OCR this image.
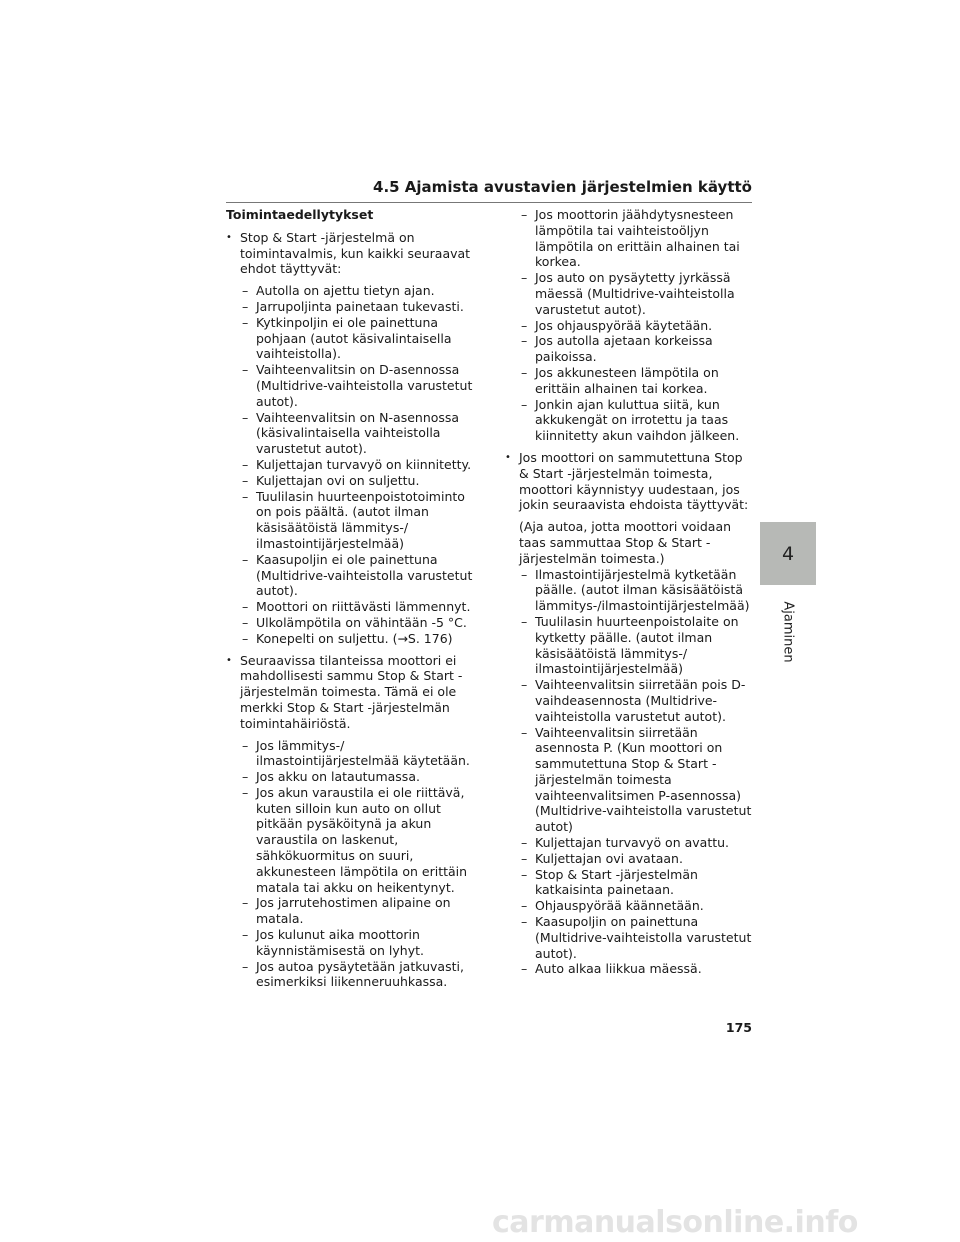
4.5 Ajamista avustavien järjestelmien käyttö
Toimintaedellytykset
• Stop & Start -järjestelmä on toimintavalmis, kun kaikki seuraavat ehdot täyttyvät:
– Autolla on ajettu tietyn ajan.
– Jarrupoljinta painetaan tukevasti.
– Kytkinpoljin ei ole painettuna pohjaan (autot käsivalintaisella vaihteistolla).
– Vaihteenvalitsin on D-asennossa (Multidrive-vaihteistolla varustetut autot).
– Vaihteenvalitsin on N-asennossa (käsivalintaisella vaihteistolla varustetut autot).
– Kuljettajan turvavyö on kiinnitetty.
– Kuljettajan ovi on suljettu.
– Tuulilasin huurteenpoistotoiminto on pois päältä. (autot ilman käsisäätöistä lämmitys-/ ilmastointijärjestelmää)
– Kaasupoljin ei ole painettuna (Multidrive-vaihteistolla varustetut autot).
– Moottori on riittävästi lämmennyt.
– Ulkolämpötila on vähintään -5 °C.
– Konepelti on suljettu. (→S. 176)
• Seuraavissa tilanteissa moottori ei mahdollisesti sammu Stop & Start -järjestelmän toimesta. Tämä ei ole merkki Stop & Start -järjestelmän toimintahäiriöstä.
– Jos lämmitys-/ ilmastointijärjestelmää käytetään.
– Jos akku on latautumassa.
– Jos akun varaustila ei ole riittävä, kuten silloin kun auto on ollut pitkään pysäköitynä ja akun varaustila on laskenut, sähkökuormitus on suuri, akkunesteen lämpötila on erittäin matala tai akku on heikentynyt.
– Jos jarrutehostimen alipaine on matala.
– Jos kulunut aika moottorin käynnistämisestä on lyhyt.
– Jos autoa pysäytetään jatkuvasti, esimerkiksi liikenneruuhkassa.
– Jos moottorin jäähdytysnesteen lämpötila tai vaihteistoöljyn lämpötila on erittäin alhainen tai korkea.
– Jos auto on pysäytetty jyrkässä mäessä (Multidrive-vaihteistolla varustetut autot).
– Jos ohjauspyörää käytetään.
– Jos autolla ajetaan korkeissa paikoissa.
– Jos akkunesteen lämpötila on erittäin alhainen tai korkea.
– Jonkin ajan kuluttua siitä, kun akkukengät on irrotettu ja taas kiinnitetty akun vaihdon jälkeen.
• Jos moottori on sammutettuna Stop & Start -järjestelmän toimesta, moottori käynnistyy uudestaan, jos jokin seuraavista ehdoista täyttyvät:
(Aja autoa, jotta moottori voidaan taas sammuttaa Stop & Start -järjestelmän toimesta.)
– Ilmastointijärjestelmä kytketään päälle. (autot ilman käsisäätöistä lämmitys-/ilmastointijärjestelmää)
– Tuulilasin huurteenpoistolaite on kytketty päälle. (autot ilman käsisäätöistä lämmitys-/ ilmastointijärjestelmää)
– Vaihteenvalitsin siirretään pois D-vaihdeasennosta (Multidrive-vaihteistolla varustetut autot).
– Vaihteenvalitsin siirretään asennosta P. (Kun moottori on sammutettuna Stop & Start -järjestelmän toimesta vaihteenvalitsimen P-asennossa) (Multidrive-vaihteistolla varustetut autot)
– Kuljettajan turvavyö on avattu.
– Kuljettajan ovi avataan.
– Stop & Start -järjestelmän katkaisinta painetaan.
– Ohjauspyörää käännetään.
– Kaasupoljin on painettuna (Multidrive-vaihteistolla varustetut autot).
– Auto alkaa liikkua mäessä.
4
Ajaminen
175
carmanualsonline.info
